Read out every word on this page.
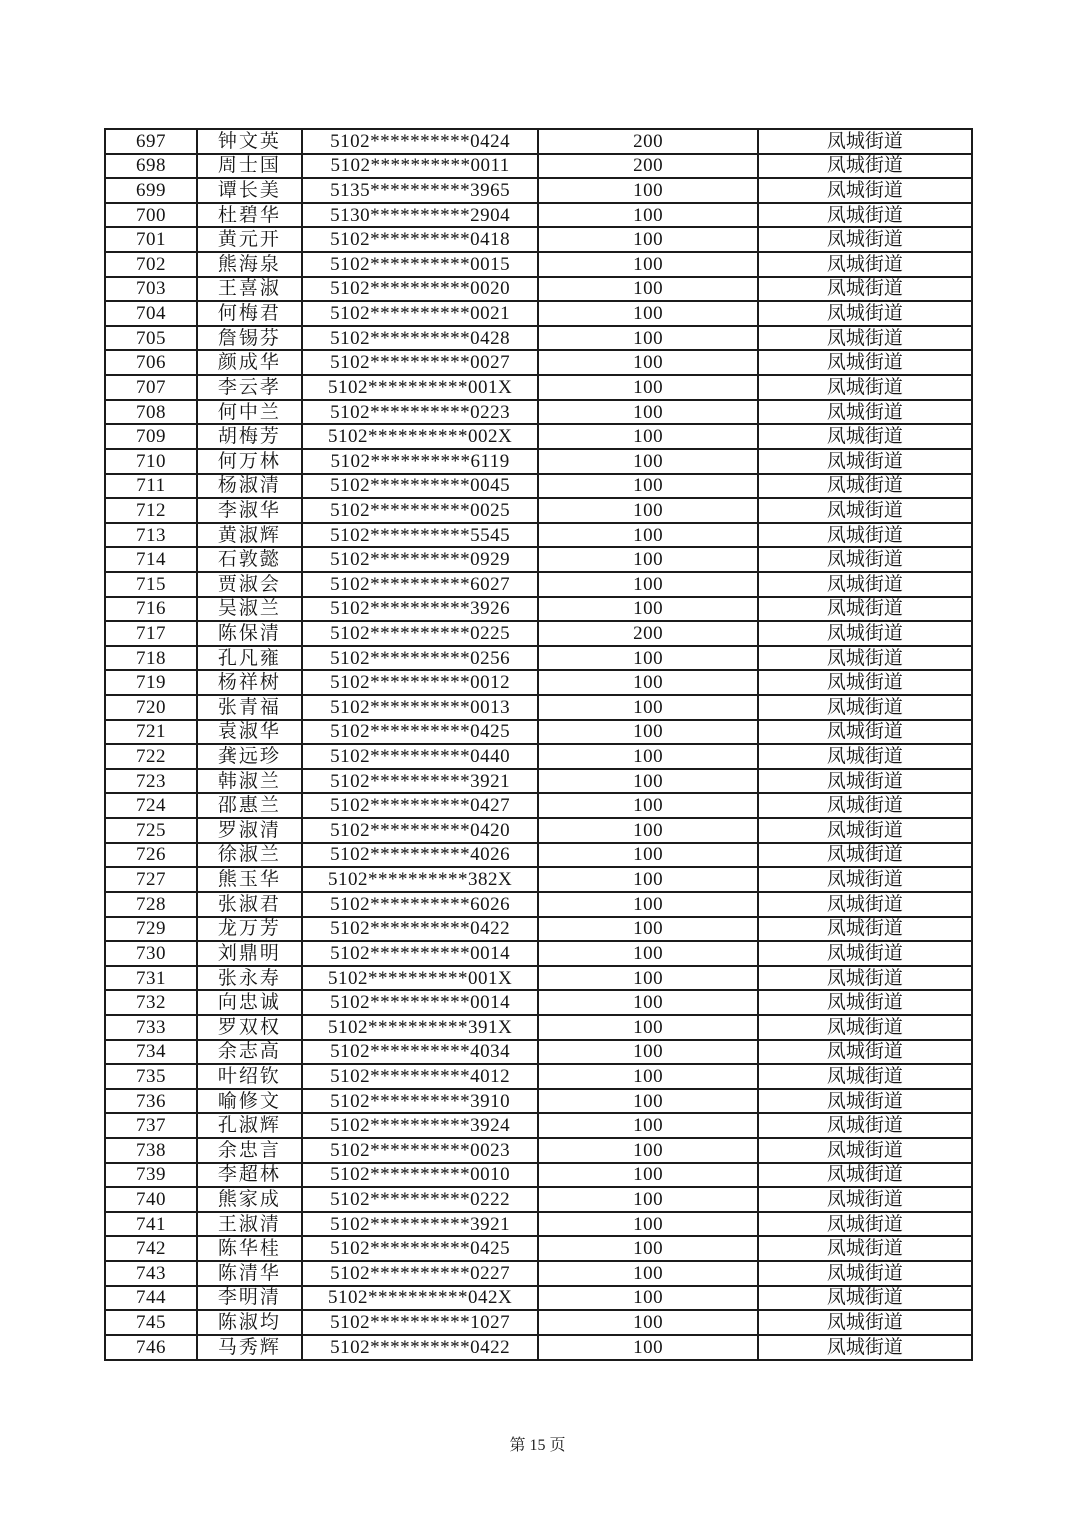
697	钟文英	5102**********0424	200	凤城街道
698	周士国	5102**********0011	200	凤城街道
699	谭长美	5135**********3965	100	凤城街道
700	杜碧华	5130**********2904	100	凤城街道
701	黄元开	5102**********0418	100	凤城街道
702	熊海泉	5102**********0015	100	凤城街道
703	王喜淑	5102**********0020	100	凤城街道
704	何梅君	5102**********0021	100	凤城街道
705	詹锡芬	5102**********0428	100	凤城街道
706	颜成华	5102**********0027	100	凤城街道
707	李云孝	5102**********001X	100	凤城街道
708	何中兰	5102**********0223	100	凤城街道
709	胡梅芳	5102**********002X	100	凤城街道
710	何万林	5102**********6119	100	凤城街道
711	杨淑清	5102**********0045	100	凤城街道
712	李淑华	5102**********0025	100	凤城街道
713	黄淑辉	5102**********5545	100	凤城街道
714	石敦懿	5102**********0929	100	凤城街道
715	贾淑会	5102**********6027	100	凤城街道
716	吴淑兰	5102**********3926	100	凤城街道
717	陈保清	5102**********0225	200	凤城街道
718	孔凡雍	5102**********0256	100	凤城街道
719	杨祥树	5102**********0012	100	凤城街道
720	张青福	5102**********0013	100	凤城街道
721	袁淑华	5102**********0425	100	凤城街道
722	龚远珍	5102**********0440	100	凤城街道
723	韩淑兰	5102**********3921	100	凤城街道
724	邵惠兰	5102**********0427	100	凤城街道
725	罗淑清	5102**********0420	100	凤城街道
726	徐淑兰	5102**********4026	100	凤城街道
727	熊玉华	5102**********382X	100	凤城街道
728	张淑君	5102**********6026	100	凤城街道
729	龙万芳	5102**********0422	100	凤城街道
730	刘鼎明	5102**********0014	100	凤城街道
731	张永寿	5102**********001X	100	凤城街道
732	向忠诚	5102**********0014	100	凤城街道
733	罗双权	5102**********391X	100	凤城街道
734	余志高	5102**********4034	100	凤城街道
735	叶绍钦	5102**********4012	100	凤城街道
736	喻修文	5102**********3910	100	凤城街道
737	孔淑辉	5102**********3924	100	凤城街道
738	余忠言	5102**********0023	100	凤城街道
739	李超林	5102**********0010	100	凤城街道
740	熊家成	5102**********0222	100	凤城街道
741	王淑清	5102**********3921	100	凤城街道
742	陈华桂	5102**********0425	100	凤城街道
743	陈清华	5102**********0227	100	凤城街道
744	李明清	5102**********042X	100	凤城街道
745	陈淑均	5102**********1027	100	凤城街道
746	马秀辉	5102**********0422	100	凤城街道
第 15 页
